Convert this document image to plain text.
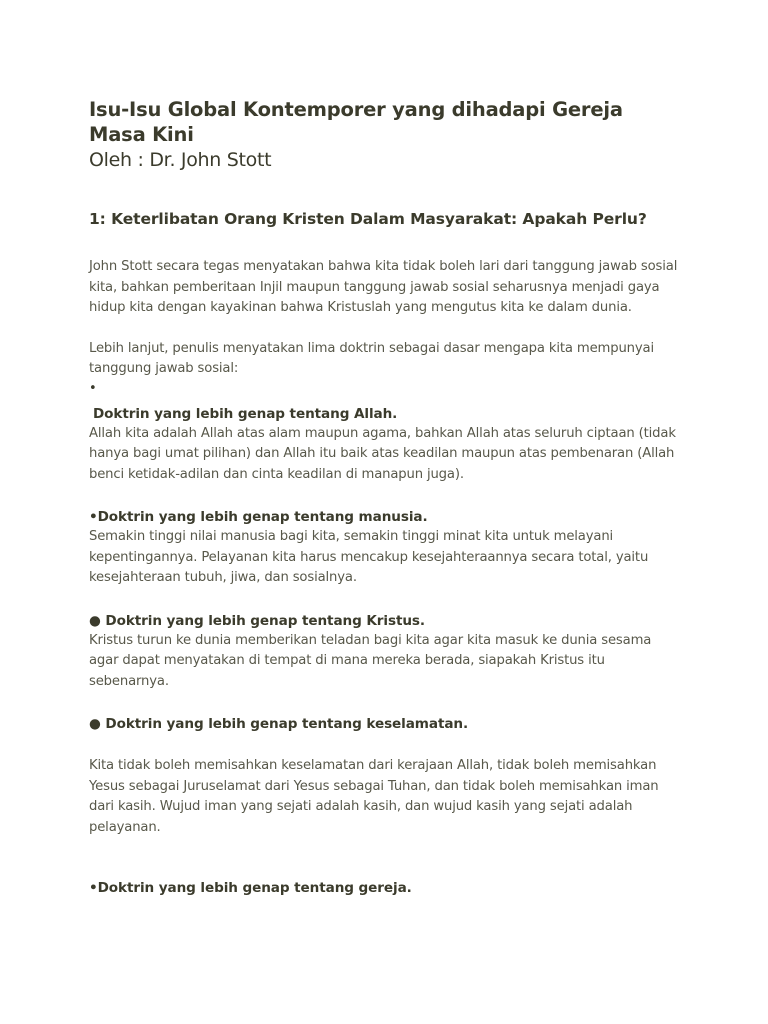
Isu-Isu Global Kontemporer yang dihadapi Gereja Masa Kini

Oleh : Dr. John Stott

1: Keterlibatan Orang Kristen Dalam Masyarakat: Apakah Perlu?

John Stott secara tegas menyatakan bahwa kita tidak boleh lari dari tanggung jawab sosial kita, bahkan pemberitaan Injil maupun tanggung jawab sosial seharusnya menjadi gaya hidup kita dengan kayakinan bahwa Kristuslah yang mengutus kita ke dalam dunia.

Lebih lanjut, penulis menyatakan lima doktrin sebagai dasar mengapa kita mempunyai tanggung jawab sosial:

•

Doktrin yang lebih genap tentang Allah.

Allah kita adalah Allah atas alam maupun agama, bahkan Allah atas seluruh ciptaan (tidak hanya bagi umat pilihan) dan Allah itu baik atas keadilan maupun atas pembenaran (Allah benci ketidak-adilan dan cinta keadilan di manapun juga).

•Doktrin yang lebih genap tentang manusia.

Semakin tinggi nilai manusia bagi kita, semakin tinggi minat kita untuk melayani kepentingannya. Pelayanan kita harus mencakup kesejahteraannya secara total, yaitu kesejahteraan tubuh, jiwa, dan sosialnya.

● Doktrin yang lebih genap tentang Kristus.

Kristus turun ke dunia memberikan teladan bagi kita agar kita masuk ke dunia sesama agar dapat menyatakan di tempat di mana mereka berada, siapakah Kristus itu sebenarnya.

● Doktrin yang lebih genap tentang keselamatan.

Kita tidak boleh memisahkan keselamatan dari kerajaan Allah, tidak boleh memisahkan Yesus sebagai Juruselamat dari Yesus sebagai Tuhan, dan tidak boleh memisahkan iman dari kasih. Wujud iman yang sejati adalah kasih, dan wujud kasih yang sejati adalah pelayanan.

•Doktrin yang lebih genap tentang gereja.
